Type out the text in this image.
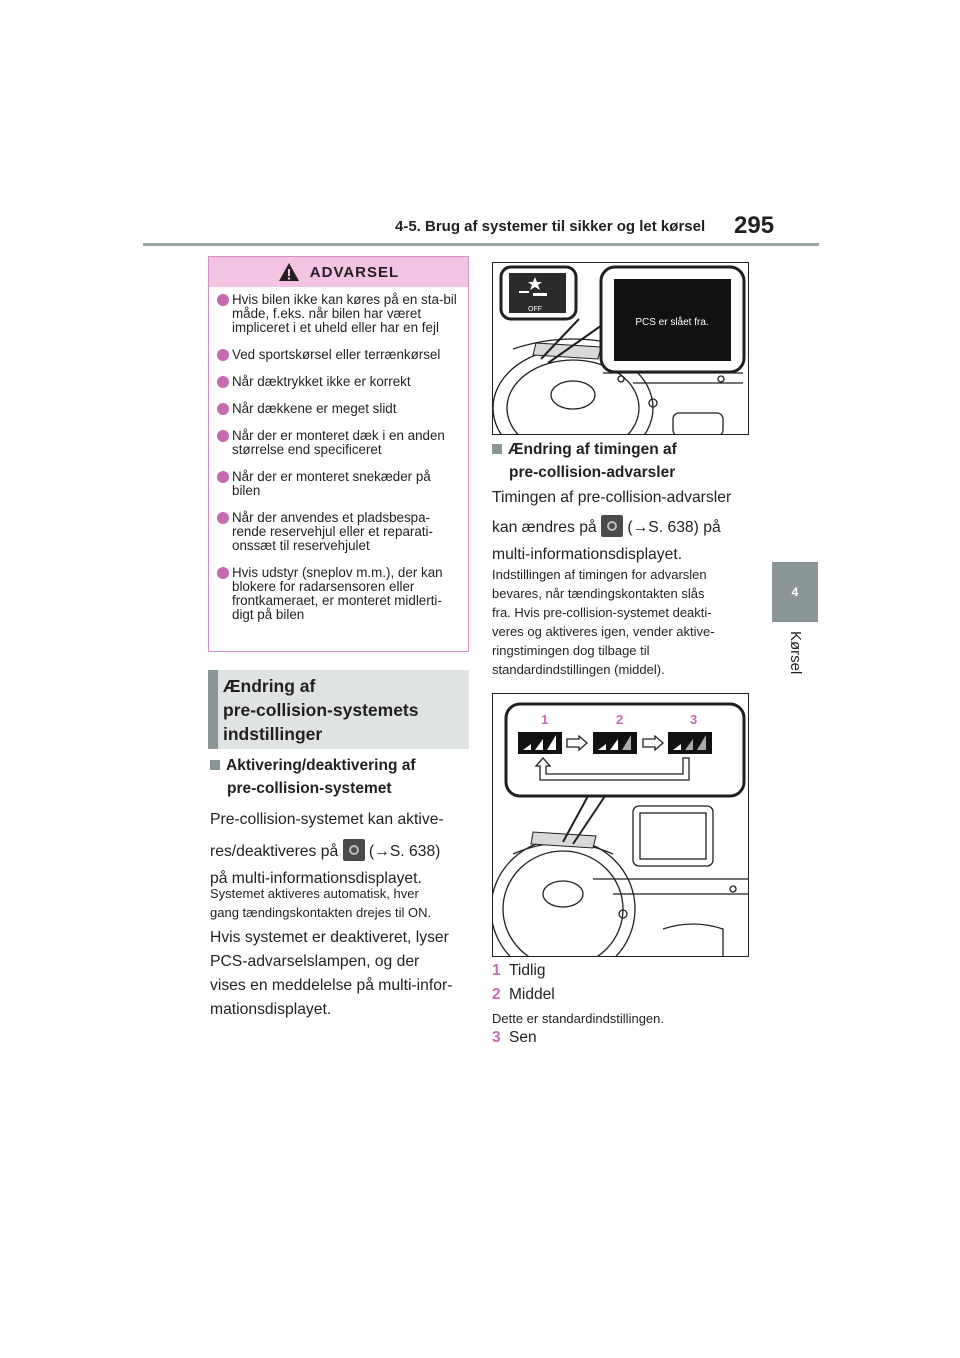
4-5. Brug af systemer til sikker og let kørsel 295
4
Kørsel
ADVARSEL
Hvis bilen ikke kan køres på en sta-bil måde, f.eks. når bilen har været impliceret i et uheld eller har en fejl
Ved sportskørsel eller terrænkørsel
Når dæktrykket ikke er korrekt
Når dækkene er meget slidt
Når der er monteret dæk i en anden størrelse end specificeret
Når der er monteret snekæder på bilen
Når der anvendes et pladsbespa-rende reservehjul eller et reparati-onssæt til reservehjulet
Hvis udstyr (sneplov m.m.), der kan blokere for radarsensoren eller frontkameraet, er monteret midlerti-digt på bilen
Ændring af
pre-collision-systemets
indstillinger
Aktivering/deaktivering af
pre-collision-systemet
Pre-collision-systemet kan aktive-
res/deaktiveres på (→S. 638)
på multi-informationsdisplayet.
Systemet aktiveres automatisk, hver
gang tændingskontakten drejes til ON.
Hvis systemet er deaktiveret, lyser
PCS-advarselslampen, og der
vises en meddelelse på multi-infor-
mationsdisplayet.
OFF
PCS er slået fra.
Ændring af timingen af
pre-collision-advarsler
Timingen af pre-collision-advarsler
kan ændres på (→S. 638) på
multi-informationsdisplayet.
Indstillingen af timingen for advarslen
bevares, når tændingskontakten slås
fra. Hvis pre-collision-systemet deakti-
veres og aktiveres igen, vender aktive-
ringstimingen dog tilbage til
standardindstillingen (middel).
1	2	3
1 Tidlig
2 Middel
Dette er standardindstillingen.
3 Sen
